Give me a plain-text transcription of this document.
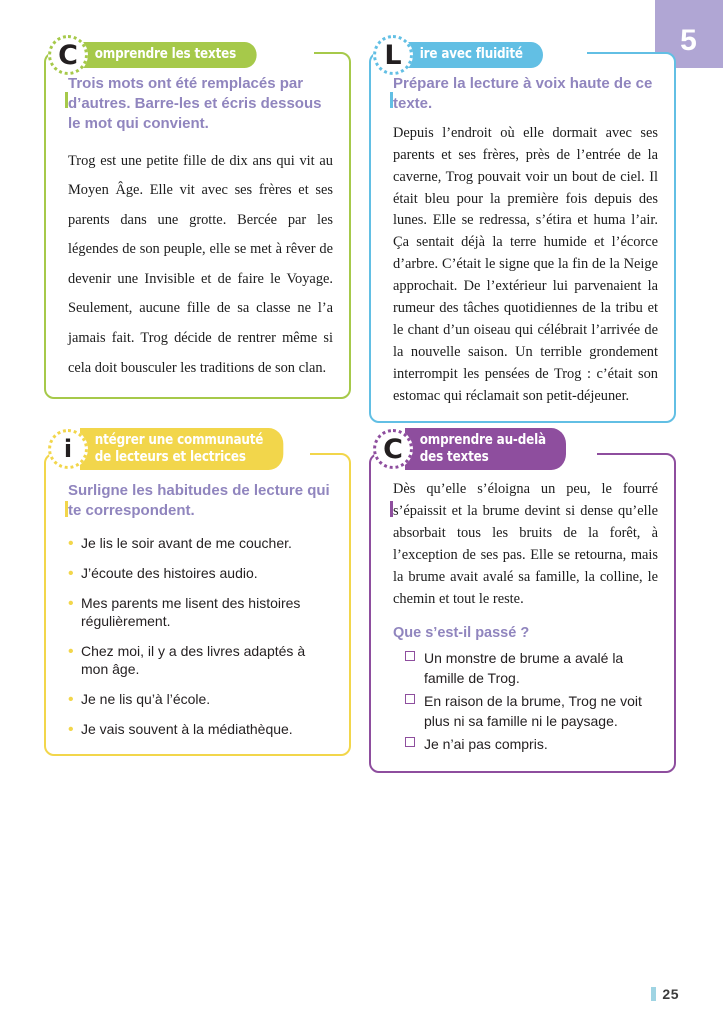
5
C	omprendre les textes
Trois mots ont été remplacés par d’autres. Barre-les et écris dessous le mot qui convient.
Trog est une petite fille de dix ans qui vit au Moyen Âge. Elle vit avec ses frères et ses parents dans une grotte. Bercée par les légendes de son peuple, elle se met à rêver de devenir une Invisible et de faire le Voyage. Seulement, aucune fille de sa classe ne l’a jamais fait. Trog décide de rentrer même si cela doit bousculer les traditions de son clan.
L	ire avec fluidité
Prépare la lecture à voix haute de ce texte.
Depuis l’endroit où elle dormait avec ses parents et ses frères, près de l’entrée de la caverne, Trog pouvait voir un bout de ciel. Il était bleu pour la première fois depuis des lunes. Elle se redressa, s’étira et huma l’air. Ça sentait déjà la terre humide et l’écorce d’arbre. C’était le signe que la fin de la Neige approchait. De l’extérieur lui parvenaient la rumeur des tâches quotidiennes de la tribu et le chant d’un oiseau qui célébrait l’arrivée de la nouvelle saison. Un terrible grondement interrompit les pensées de Trog : c’était son estomac qui réclamait son petit-déjeuner.
i	ntégrer une communauté
de lecteurs et lectrices
Surligne les habitudes de lecture qui te correspondent.
• Je lis le soir avant de me coucher.
• J’écoute des histoires audio.
• Mes parents me lisent des histoires régulièrement.
• Chez moi, il y a des livres adaptés à mon âge.
• Je ne lis qu’à l’école.
• Je vais souvent à la médiathèque.
C	omprendre au-delà
des textes
Dès qu’elle s’éloigna un peu, le fourré s’épaissit et la brume devint si dense qu’elle absorbait tous les bruits de la forêt, à l’exception de ses pas. Elle se retourna, mais la brume avait avalé sa famille, la colline, le chemin et tout le reste.
Que s’est-il passé ?
Un monstre de brume a avalé la famille de Trog.
En raison de la brume, Trog ne voit plus ni sa famille ni le paysage.
Je n’ai pas compris.
25
